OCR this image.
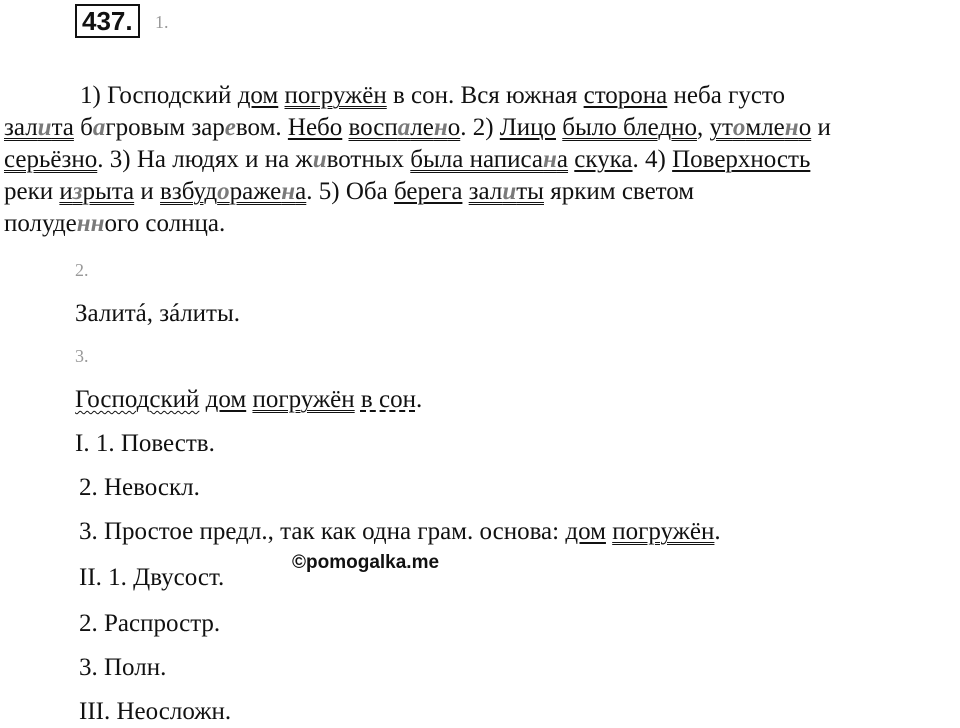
437.	1.
1) Господский дом погружён в сон. Вся южная сторона неба густо
залита багровым заревом. Небо воспалено. 2) Лицо было бледно, утомлено и
серьёзно. 3) На людях и на животных была написана скука. 4) Поверхность
реки изрыта и взбудоражена. 5) Оба берега залиты ярким светом
полуденного солнца.
2.
Залитá, зáлиты.
3.
Господский дом погружён в сон.
I. 1. Повеств.
2. Невоскл.
3. Простое предл., так как одна грам. основа: дом погружён.
©pomogalka.me
II. 1. Двусост.
2. Распростр.
3. Полн.
III. Неосложн.
